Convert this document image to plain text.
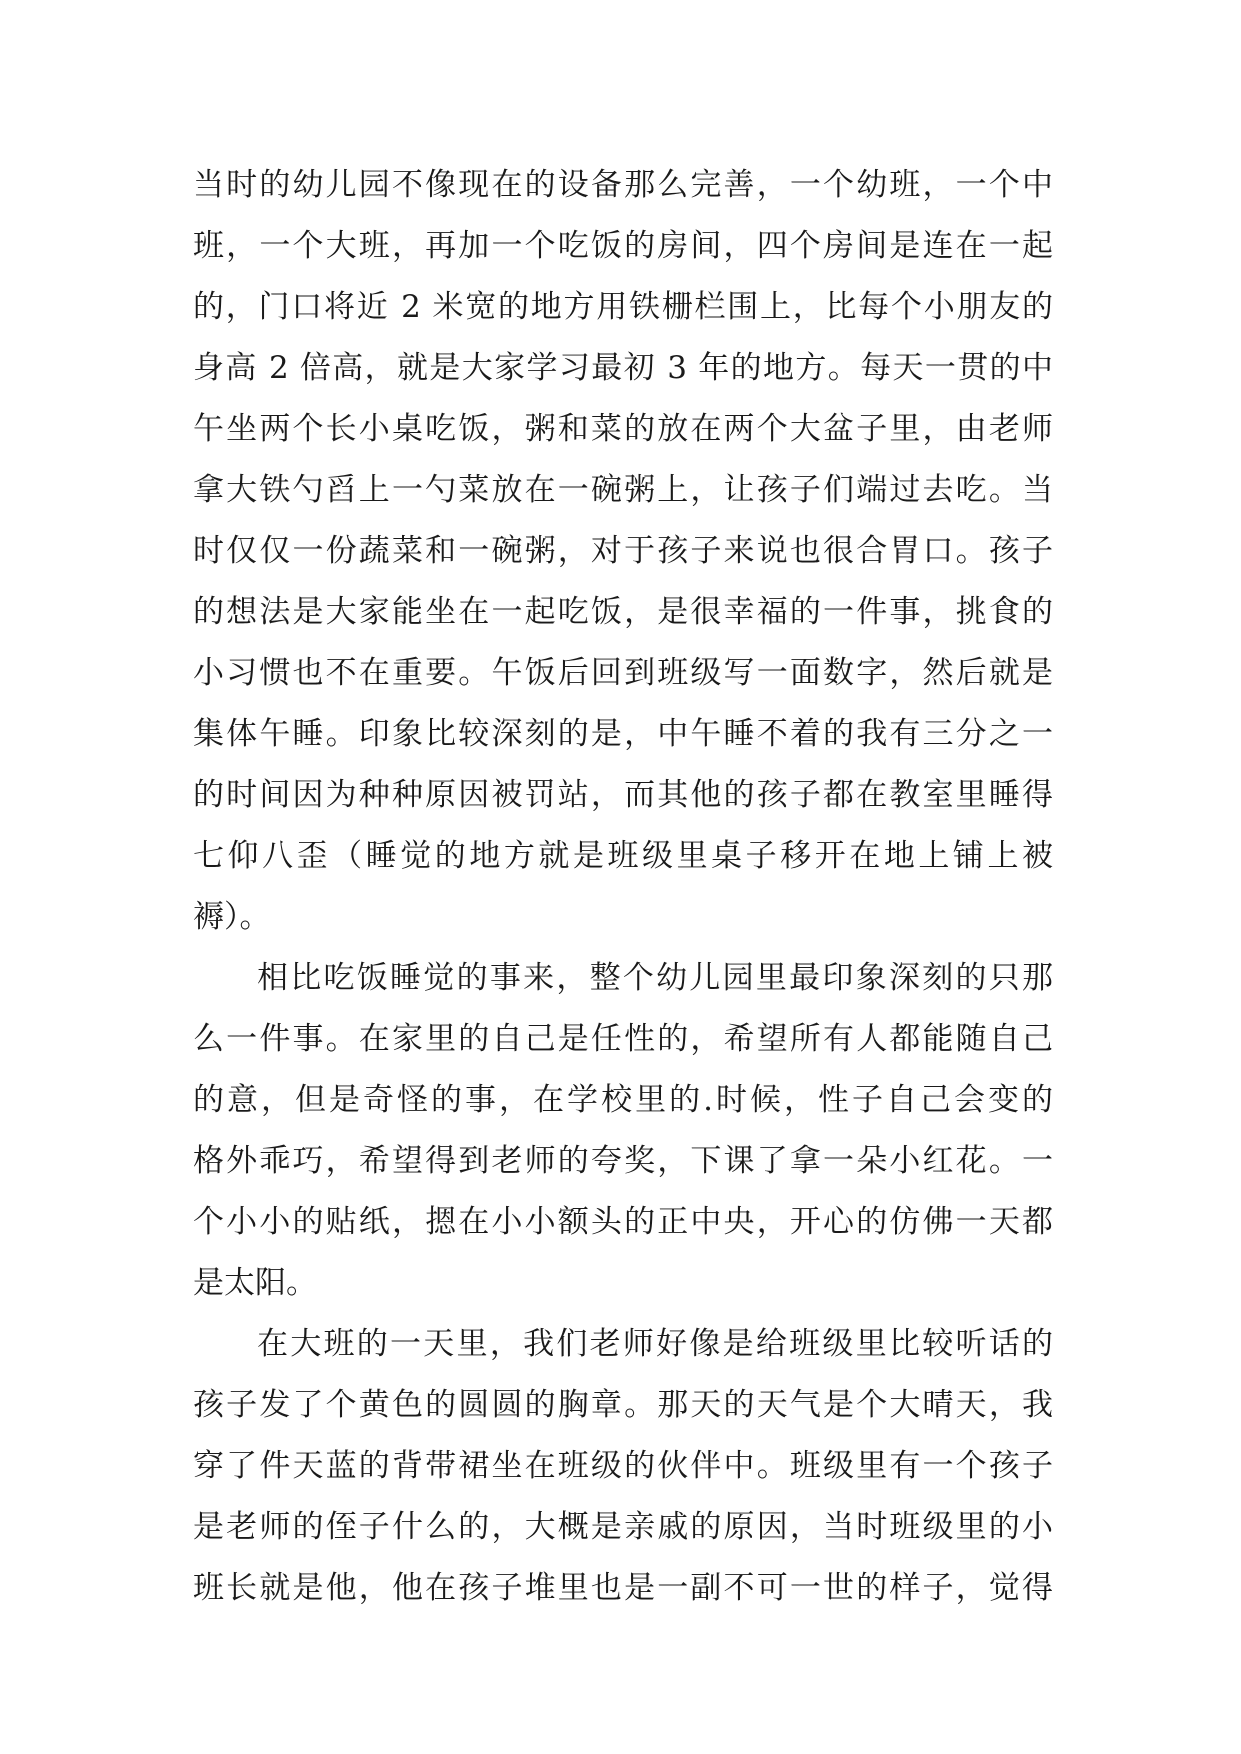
当时的幼儿园不像现在的设备那么完善，一个幼班，一个中
班，一个大班，再加一个吃饭的房间，四个房间是连在一起
的，门口将近 2 米宽的地方用铁栅栏围上，比每个小朋友的
身高 2 倍高，就是大家学习最初 3 年的地方。每天一贯的中
午坐两个长小桌吃饭，粥和菜的放在两个大盆子里，由老师
拿大铁勺舀上一勺菜放在一碗粥上，让孩子们端过去吃。当
时仅仅一份蔬菜和一碗粥，对于孩子来说也很合胃口。孩子
的想法是大家能坐在一起吃饭，是很幸福的一件事，挑食的
小习惯也不在重要。午饭后回到班级写一面数字，然后就是
集体午睡。印象比较深刻的是，中午睡不着的我有三分之一
的时间因为种种原因被罚站，而其他的孩子都在教室里睡得
七仰八歪（睡觉的地方就是班级里桌子移开在地上铺上被
褥）。
相比吃饭睡觉的事来，整个幼儿园里最印象深刻的只那
么一件事。在家里的自己是任性的，希望所有人都能随自己
的意，但是奇怪的事，在学校里的.时候，性子自己会变的
格外乖巧，希望得到老师的夸奖，下课了拿一朵小红花。一
个小小的贴纸，摁在小小额头的正中央，开心的仿佛一天都
是太阳。
在大班的一天里，我们老师好像是给班级里比较听话的
孩子发了个黄色的圆圆的胸章。那天的天气是个大晴天，我
穿了件天蓝的背带裙坐在班级的伙伴中。班级里有一个孩子
是老师的侄子什么的，大概是亲戚的原因，当时班级里的小
班长就是他，他在孩子堆里也是一副不可一世的样子，觉得
